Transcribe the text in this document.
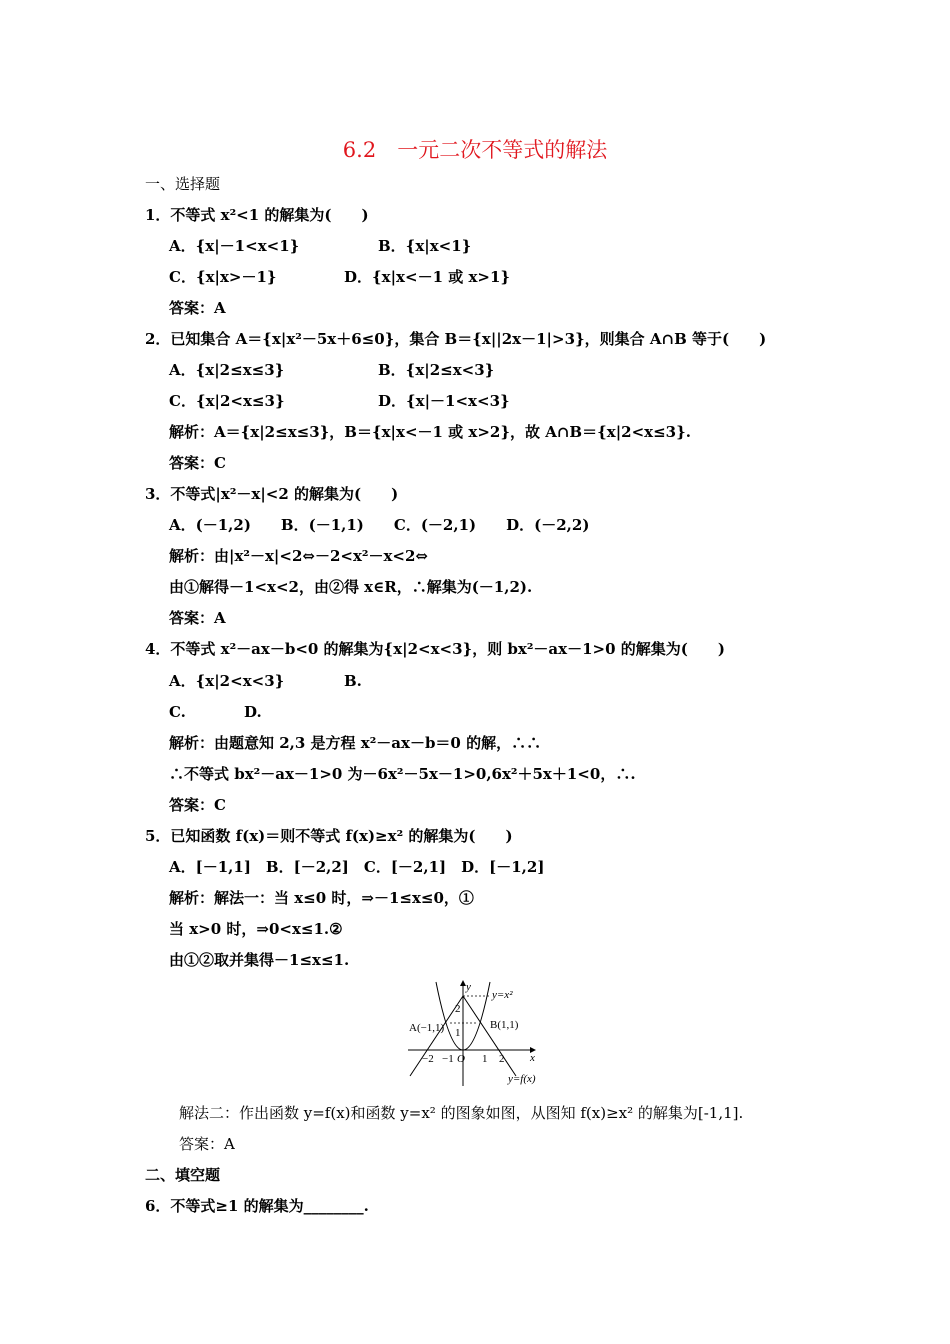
6.2　一元二次不等式的解法
一、选择题
1．不等式 x²<1 的解集为(　　)
A．{x|－1<x<1}	B．{x|x<1}
C．{x|x>－1}	D．{x|x<－1 或 x>1}
答案：A
2．已知集合 A＝{x|x²－5x＋6≤0}，集合 B＝{x||2x－1|>3}，则集合 A∩B 等于(　　)
A．{x|2≤x≤3}	B．{x|2≤x<3}
C．{x|2<x≤3}	D．{x|－1<x<3}
解析：A＝{x|2≤x≤3}，B＝{x|x<－1 或 x>2}，故 A∩B＝{x|2<x≤3}.
答案：C
3．不等式|x²－x|<2 的解集为(　　)
A．(－1,2)　　B．(－1,1)　　C．(－2,1)　　D．(－2,2)
解析：由|x²－x|<2⇔－2<x²－x<2⇔
由①解得－1<x<2，由②得 x∈R，∴解集为(－1,2).
答案：A
4．不等式 x²－ax－b<0 的解集为{x|2<x<3}，则 bx²－ax－1>0 的解集为(　　)
A．{x|2<x<3}	B.
C.	D.
解析：由题意知 2,3 是方程 x²－ax－b＝0 的解，∴∴
∴不等式 bx²－ax－1>0 为－6x²－5x－1>0,6x²＋5x＋1<0，∴.
答案：C
5．已知函数 f(x)＝则不等式 f(x)≥x² 的解集为(　　)
A．[－1,1]　B．[－2,2]　C．[－2,1]　D．[－1,2]
解析：解法一：当 x≤0 时，⇒－1≤x≤0，①
当 x>0 时，⇒0<x≤1.②
由①②取并集得－1≤x≤1.
A(−1,1)	B(1,1)
y
x
y=x²
y=f(x)
2
1
−2 −1 O 1 2
解法二：作出函数 y=f(x)和函数 y=x² 的图象如图，从图知 f(x)≥x² 的解集为[-1,1].
答案：A
二、填空题
6．不等式≥1 的解集为________.
